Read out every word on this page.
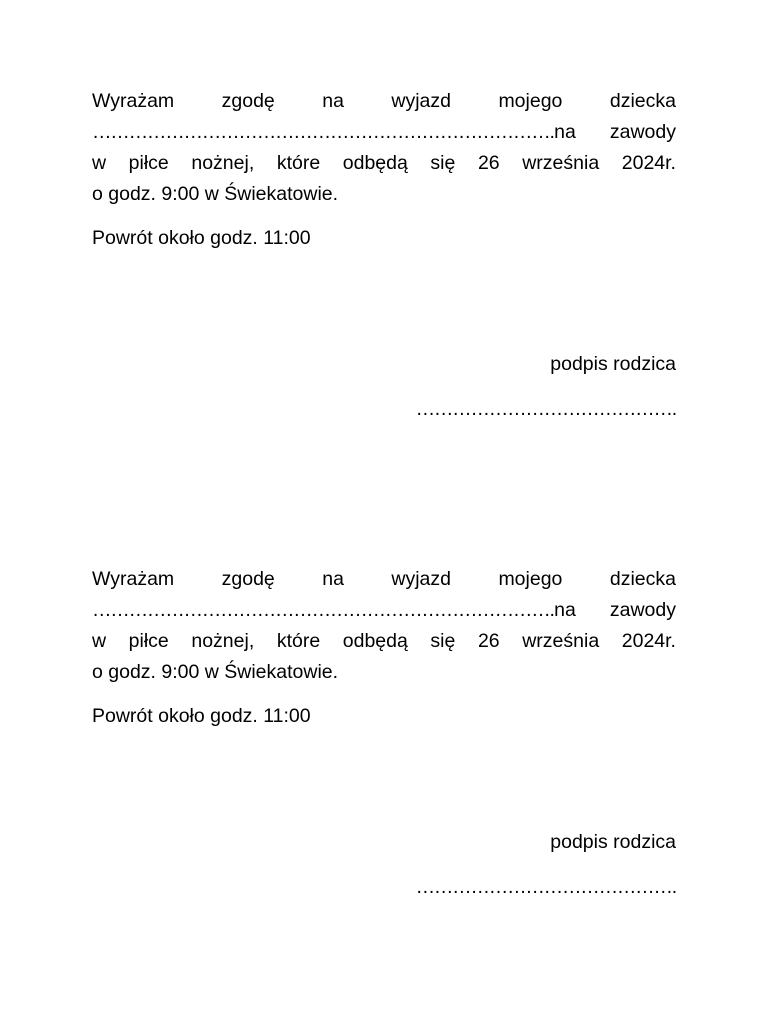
Wyrażam zgodę na wyjazd mojego dziecka
…………………………………………………………………. na zawody
w piłce nożnej, które odbędą się 26 września 2024r.
o godz. 9:00 w Świekatowie.
Powrót około godz. 11:00
podpis rodzica
…………………………………….
Wyrażam zgodę na wyjazd mojego dziecka
…………………………………………………………………. na zawody
w piłce nożnej, które odbędą się 26 września 2024r.
o godz. 9:00 w Świekatowie.
Powrót około godz. 11:00
podpis rodzica
…………………………………….
